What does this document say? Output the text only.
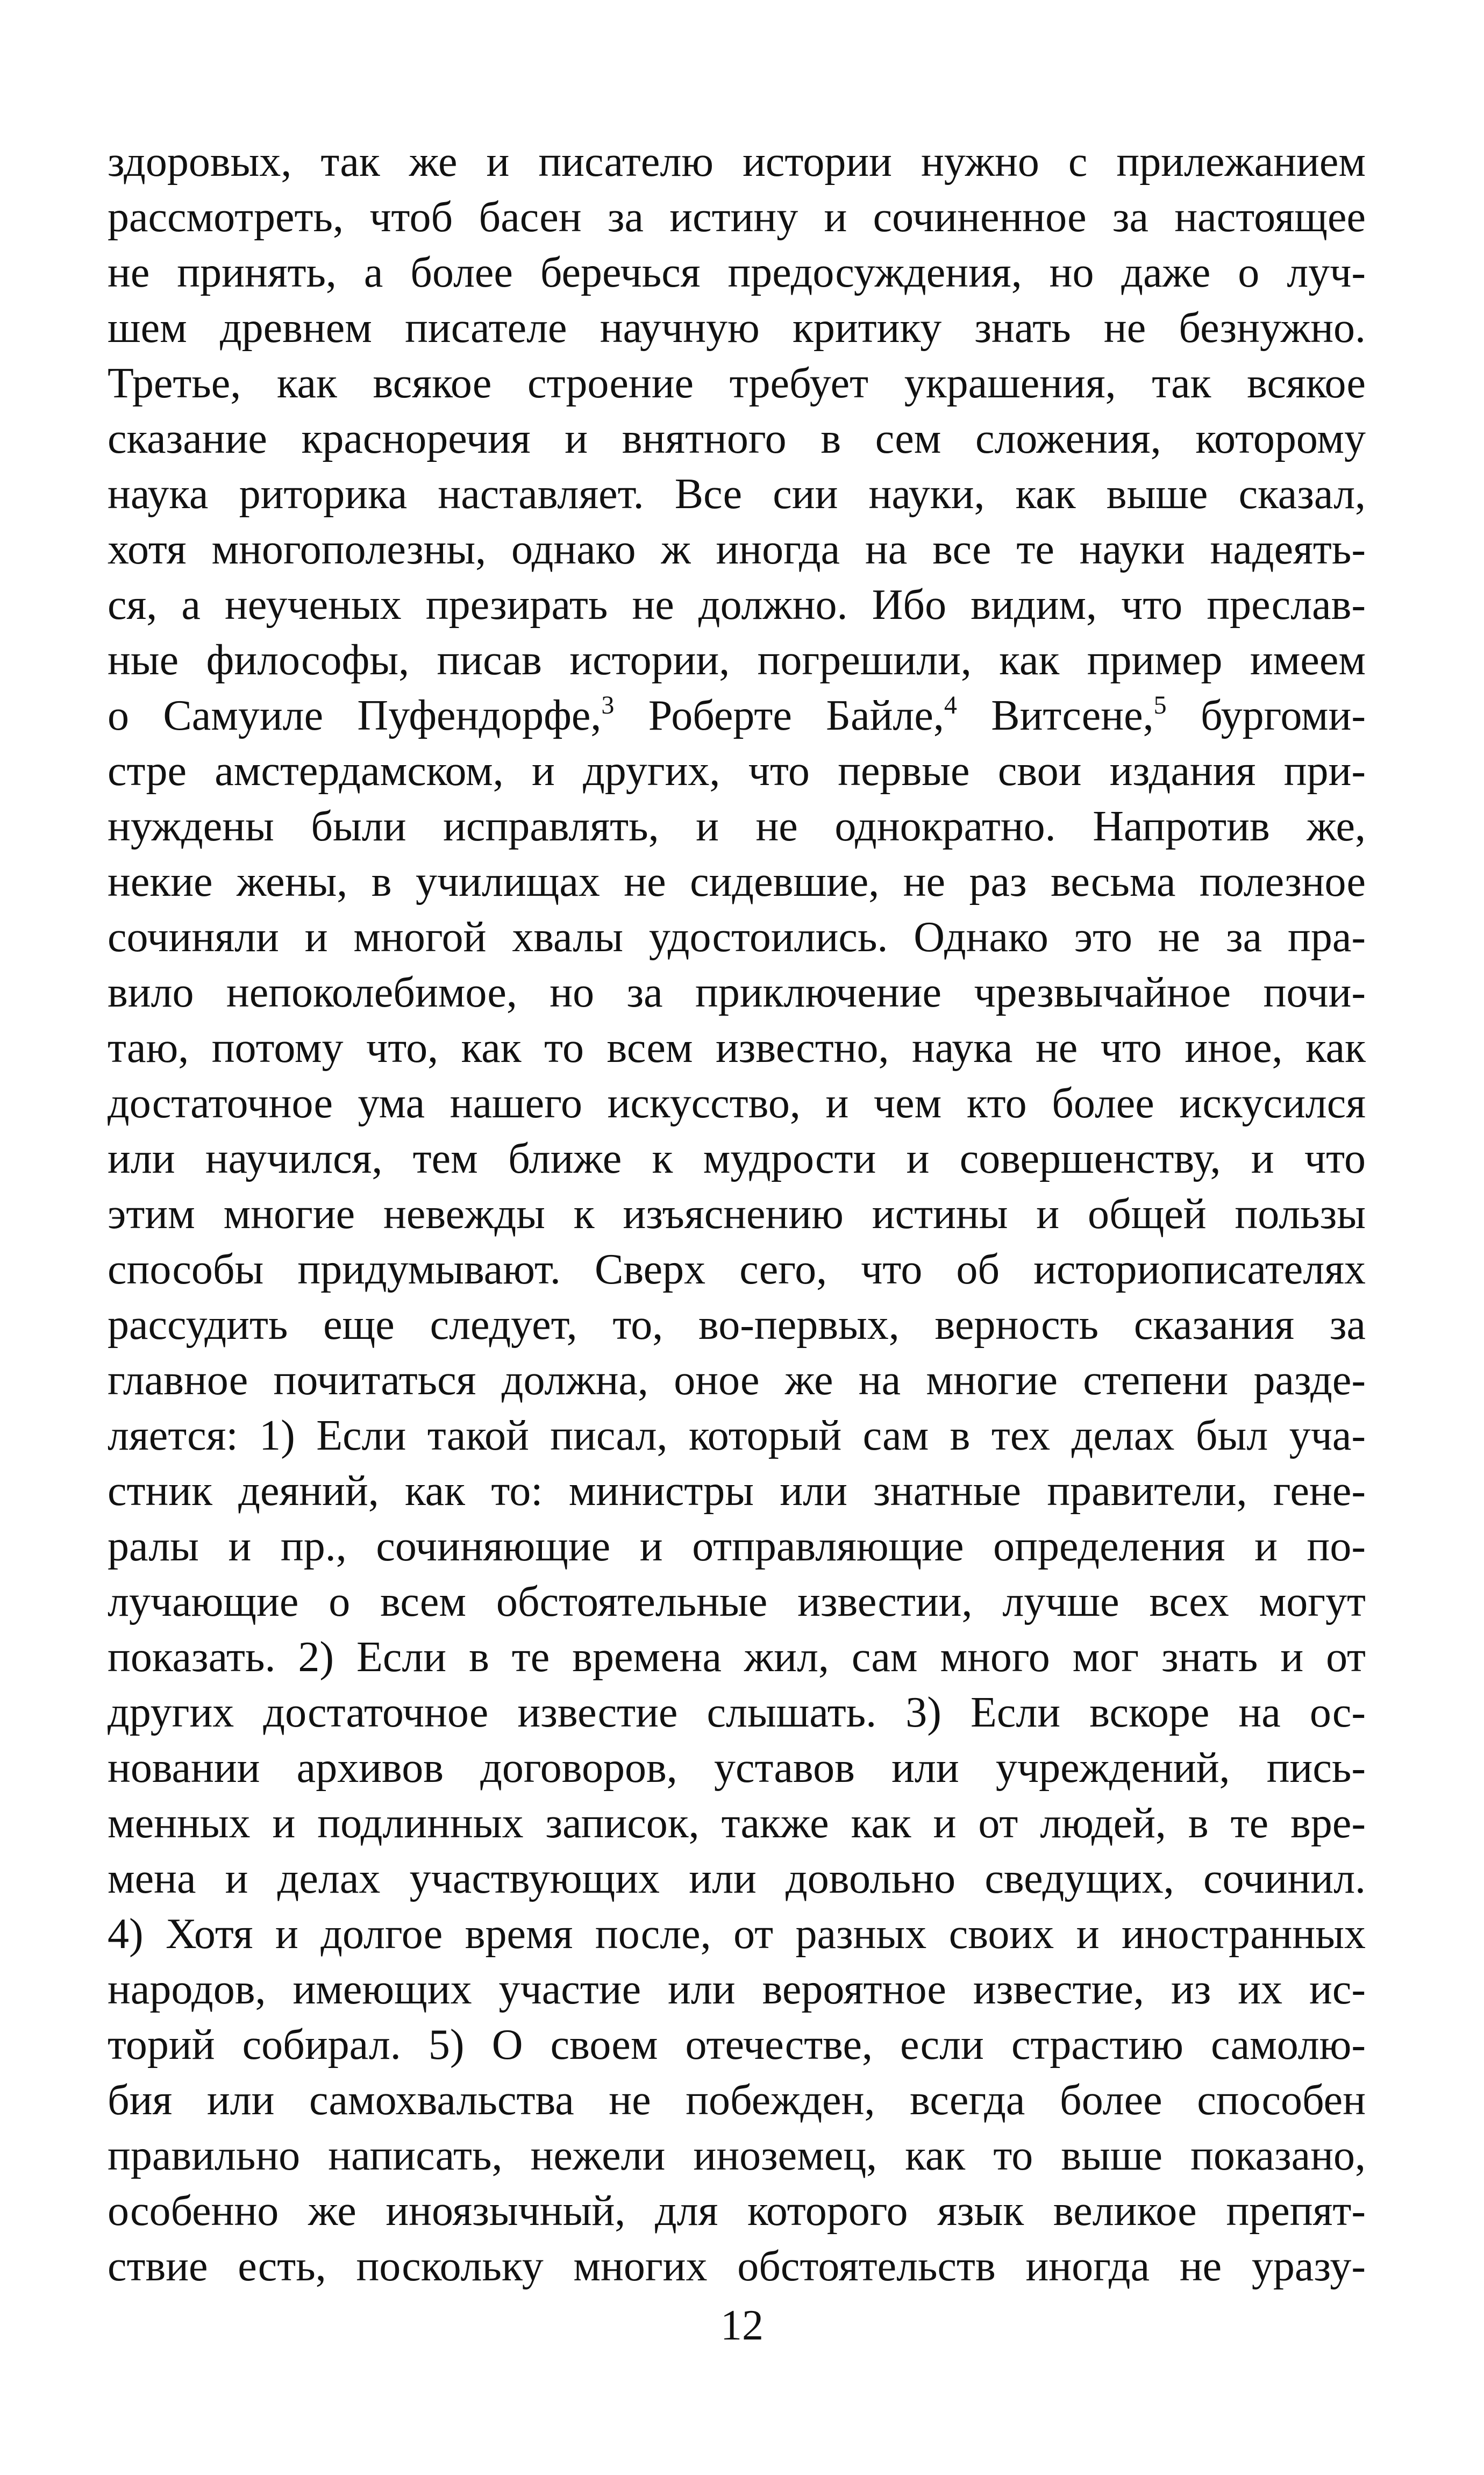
здоровых, так же и писателю истории нужно с прилежанием
рассмотреть, чтоб басен за истину и сочиненное за настоящее
не принять, а более беречься предосуждения, но даже о луч-
шем древнем писателе научную критику знать не безнужно.
Третье, как всякое строение требует украшения, так всякое
сказание красноречия и внятного в сем сложения, которому
наука риторика наставляет. Все сии науки, как выше сказал,
хотя многополезны, однако ж иногда на все те науки надеять-
ся, а неученых презирать не должно. Ибо видим, что преслав-
ные философы, писав истории, погрешили, как пример имеем
о Самуиле Пуфендорфе,$^3$ Роберте Байле,$^4$ Витсене,$^5$ бургоми-
стре амстердамском, и других, что первые свои издания при-
нуждены были исправлять, и не однократно. Напротив же,
некие жены, в училищах не сидевшие, не раз весьма полезное
сочиняли и многой хвалы удостоились. Однако это не за пра-
вило непоколебимое, но за приключение чрезвычайное почи-
таю, потому что, как то всем известно, наука не что иное, как
достаточное ума нашего искусство, и чем кто более искусился
или научился, тем ближе к мудрости и совершенству, и что
этим многие невежды к изъяснению истины и общей пользы
способы придумывают. Сверх сего, что об историописателях
рассудить еще следует, то, во-первых, верность сказания за
главное почитаться должна, оное же на многие степени разде-
ляется: 1) Если такой писал, который сам в тех делах был уча-
стник деяний, как то: министры или знатные правители, гене-
ралы и пр., сочиняющие и отправляющие определения и по-
лучающие о всем обстоятельные известии, лучше всех могут
показать. 2) Если в те времена жил, сам много мог знать и от
других достаточное известие слышать. 3) Если вскоре на ос-
новании архивов договоров, уставов или учреждений, пись-
менных и подлинных записок, также как и от людей, в те вре-
мена и делах участвующих или довольно сведущих, сочинил.
4) Хотя и долгое время после, от разных своих и иностранных
народов, имеющих участие или вероятное известие, из их ис-
торий собирал. 5) О своем отечестве, если страстию самолю-
бия или самохвальства не побежден, всегда более способен
правильно написать, нежели иноземец, как то выше показано,
особенно же иноязычный, для которого язык великое препят-
ствие есть, поскольку многих обстоятельств иногда не уразу-
12
